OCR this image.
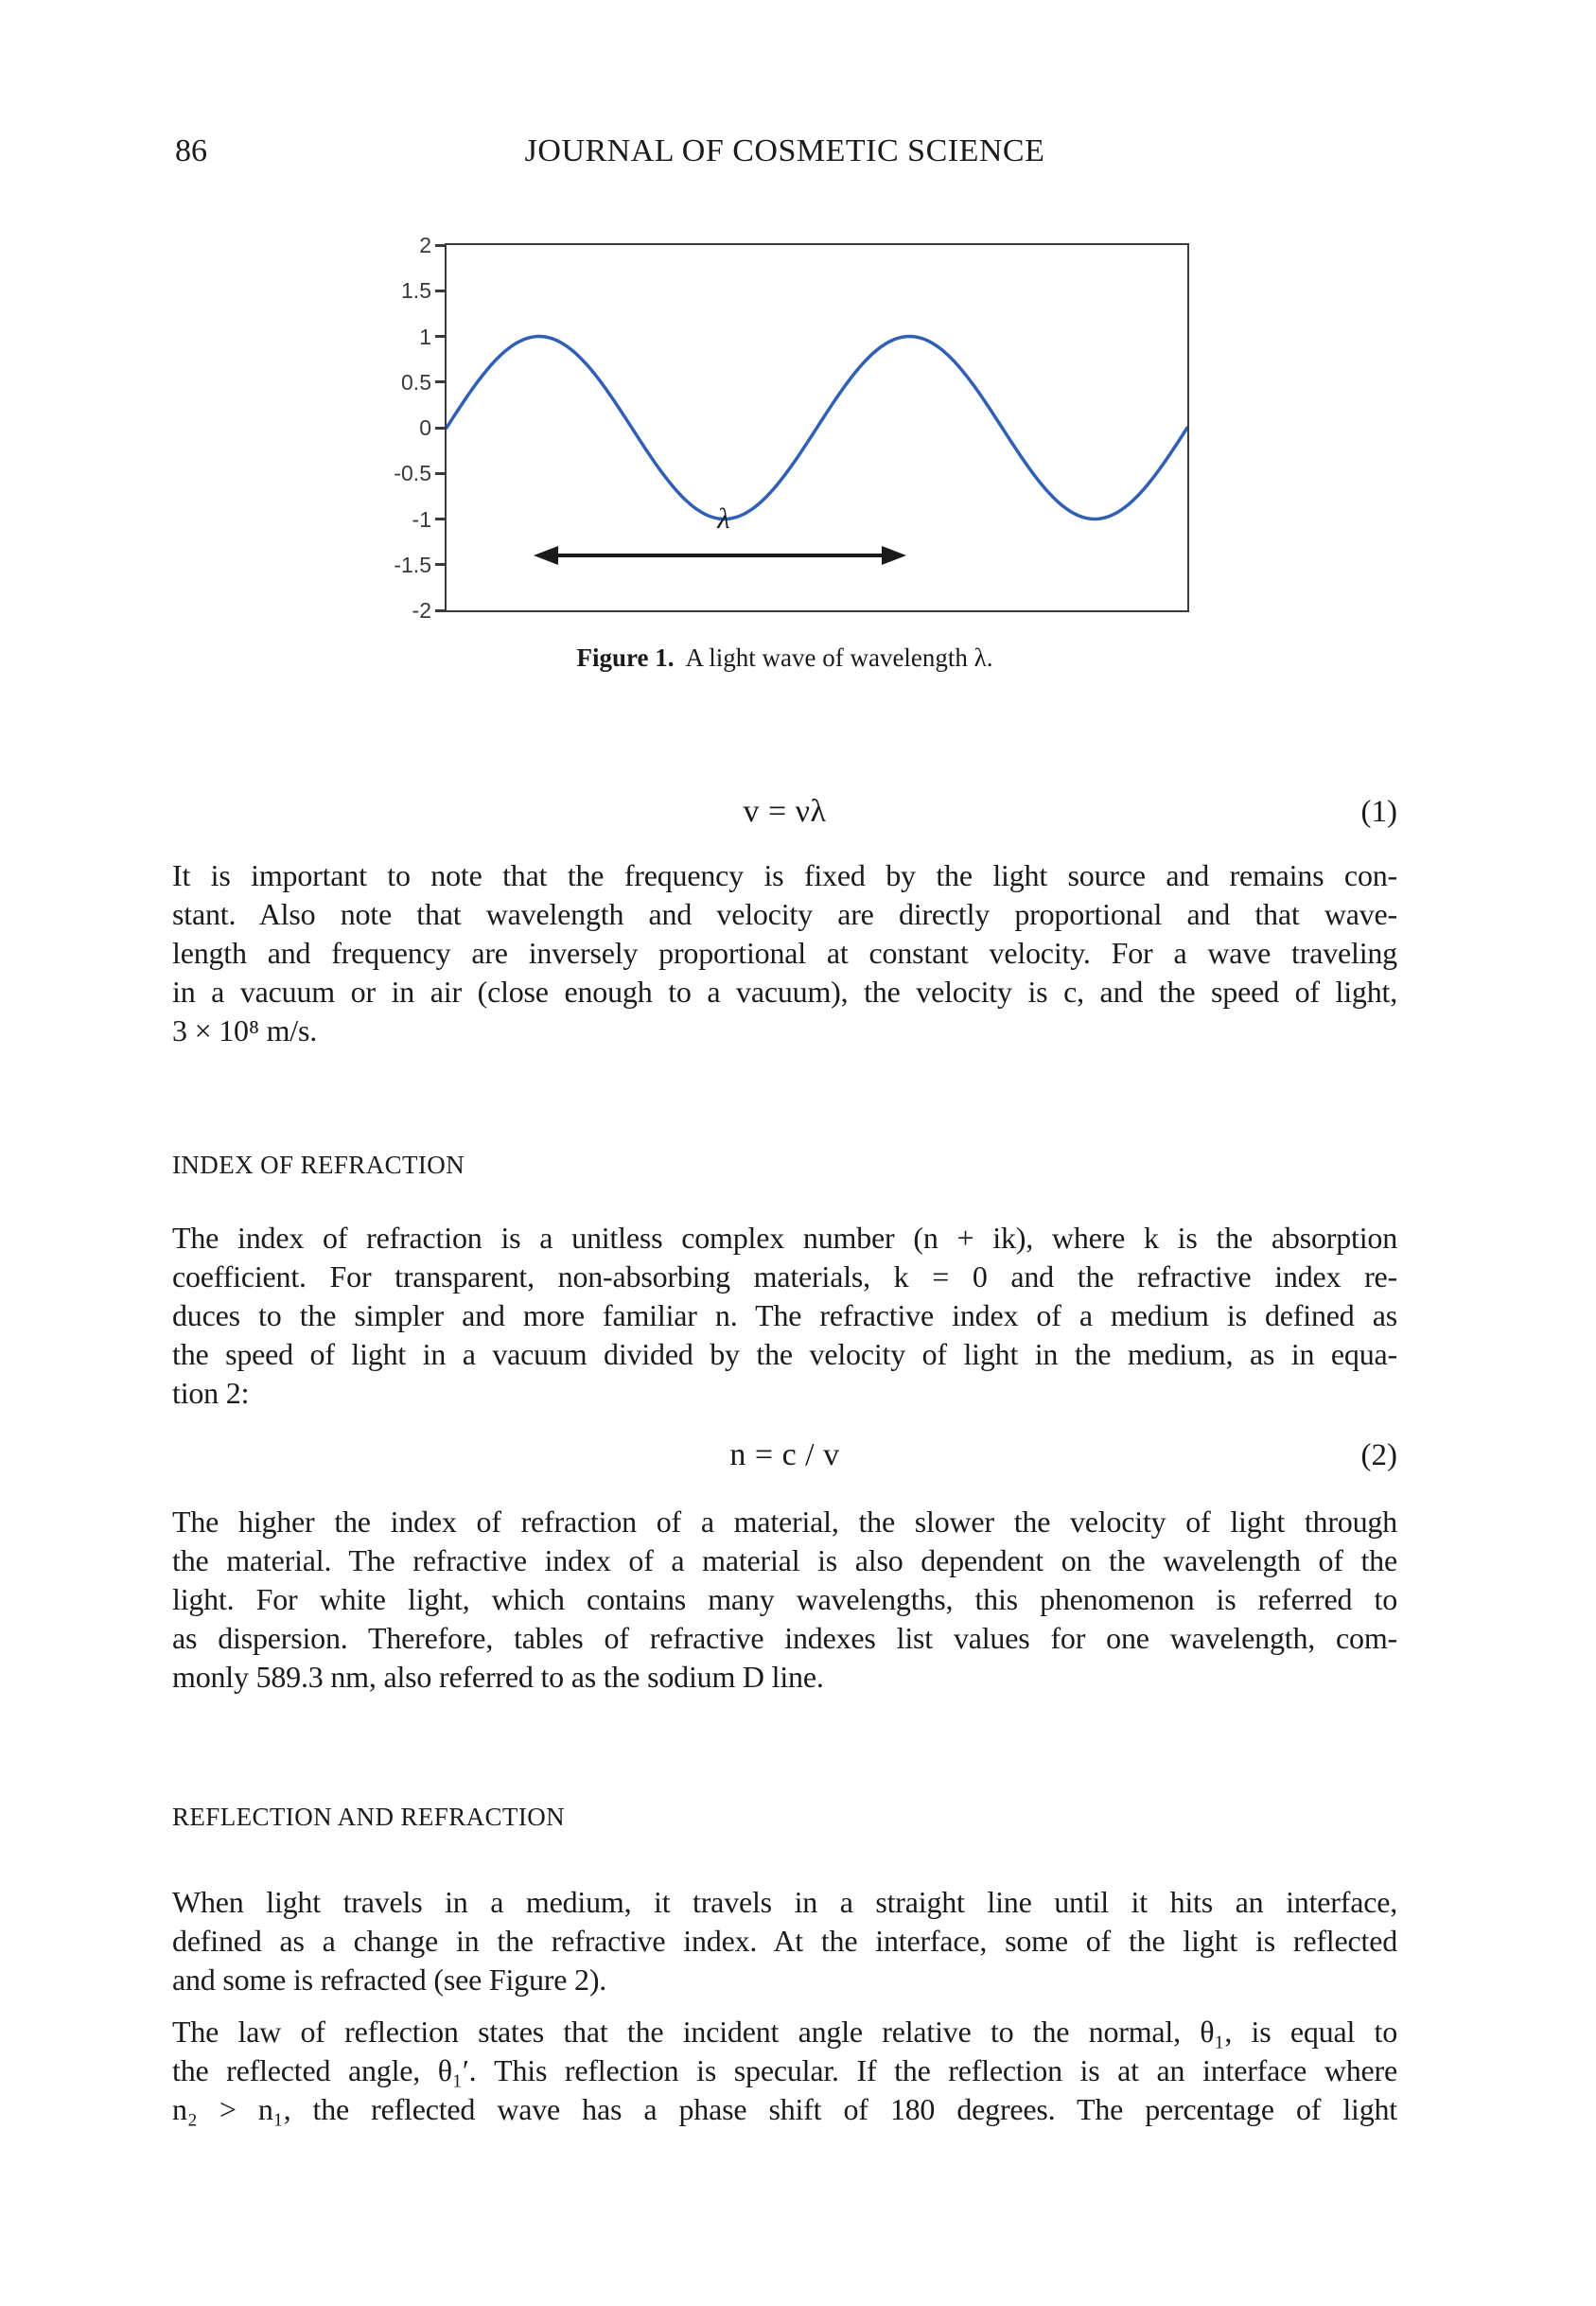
86	JOURNAL OF COSMETIC SCIENCE
2
1.5
1
0.5
0
-0.5
-1
-1.5
-2
λ
Figure 1. A light wave of wavelength λ.
v = νλ	(1)
It is important to note that the frequency is fixed by the light source and remains con-
stant. Also note that wavelength and velocity are directly proportional and that wave-
length and frequency are inversely proportional at constant velocity. For a wave traveling
in a vacuum or in air (close enough to a vacuum), the velocity is c, and the speed of light,
3 × 10⁸ m/s.
INDEX OF REFRACTION
The index of refraction is a unitless complex number (n + ik), where k is the absorption
coefficient. For transparent, non-absorbing materials, k = 0 and the refractive index re-
duces to the simpler and more familiar n. The refractive index of a medium is defined as
the speed of light in a vacuum divided by the velocity of light in the medium, as in equa-
tion 2:
n = c / v	(2)
The higher the index of refraction of a material, the slower the velocity of light through
the material. The refractive index of a material is also dependent on the wavelength of the
light. For white light, which contains many wavelengths, this phenomenon is referred to
as dispersion. Therefore, tables of refractive indexes list values for one wavelength, com-
monly 589.3 nm, also referred to as the sodium D line.
REFLECTION AND REFRACTION
When light travels in a medium, it travels in a straight line until it hits an interface,
defined as a change in the refractive index. At the interface, some of the light is reflected
and some is refracted (see Figure 2).
The law of reflection states that the incident angle relative to the normal, θ₁, is equal to
the reflected angle, θ₁′. This reflection is specular. If the reflection is at an interface where
n₂ > n₁, the reflected wave has a phase shift of 180 degrees. The percentage of light
